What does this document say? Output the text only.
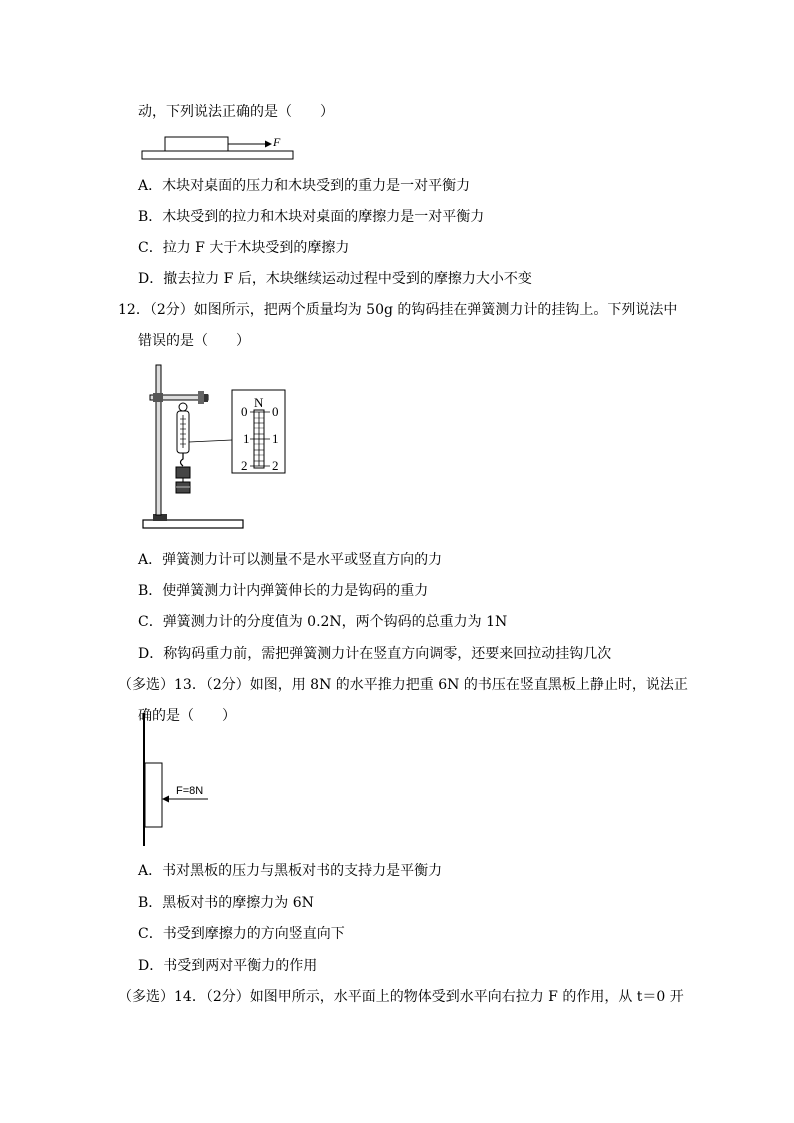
动，下列说法正确的是（　　）
F
A．木块对桌面的压力和木块受到的重力是一对平衡力
B．木块受到的拉力和木块对桌面的摩擦力是一对平衡力
C．拉力 F 大于木块受到的摩擦力
D．撤去拉力 F 后，木块继续运动过程中受到的摩擦力大小不变
12．（2分）如图所示，把两个质量均为 50g 的钩码挂在弹簧测力计的挂钩上。下列说法中
错误的是（　　）
N
0
1
2
0
1
2
A．弹簧测力计可以测量不是水平或竖直方向的力
B．使弹簧测力计内弹簧伸长的力是钩码的重力
C．弹簧测力计的分度值为 0.2N，两个钩码的总重力为 1N
D．称钩码重力前，需把弹簧测力计在竖直方向调零，还要来回拉动挂钩几次
（多选）13．（2分）如图，用 8N 的水平推力把重 6N 的书压在竖直黑板上静止时，说法正
确的是（　　）
F=8N
A．书对黑板的压力与黑板对书的支持力是平衡力
B．黑板对书的摩擦力为 6N
C．书受到摩擦力的方向竖直向下
D．书受到两对平衡力的作用
（多选）14．（2分）如图甲所示，水平面上的物体受到水平向右拉力 F 的作用，从 t＝0 开
